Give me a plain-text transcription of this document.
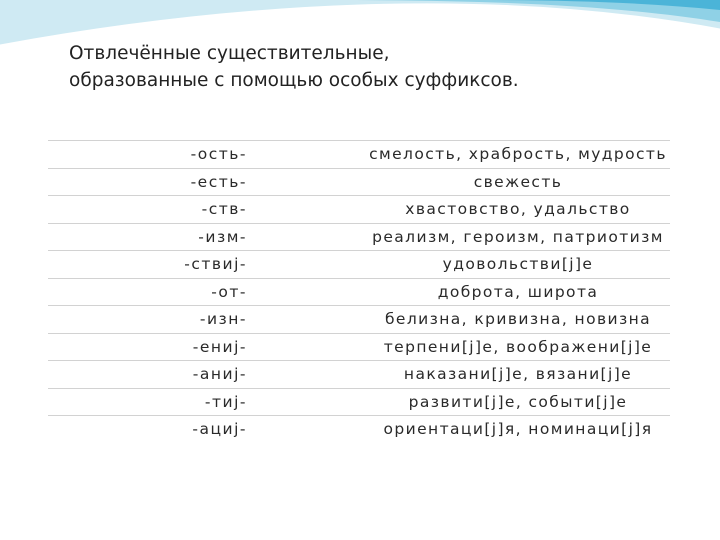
Отвлечённые существительные,
образованные с помощью особых суффиксов.
-ость-	смелость, храбрость, мудрость
-есть-	свежесть
-ств-	хвастовство, удальство
-изм-	реализм, героизм, патриотизм
-ствиj-	удовольстви[j]е
-от-	доброта, широта
-изн-	белизна, кривизна, новизна
-ениj-	терпени[j]е, воображени[j]е
-аниj-	наказани[j]е, вязани[j]е
-тиj-	развити[j]е, событи[j]е
-ациj-	ориентаци[j]я, номинаци[j]я
